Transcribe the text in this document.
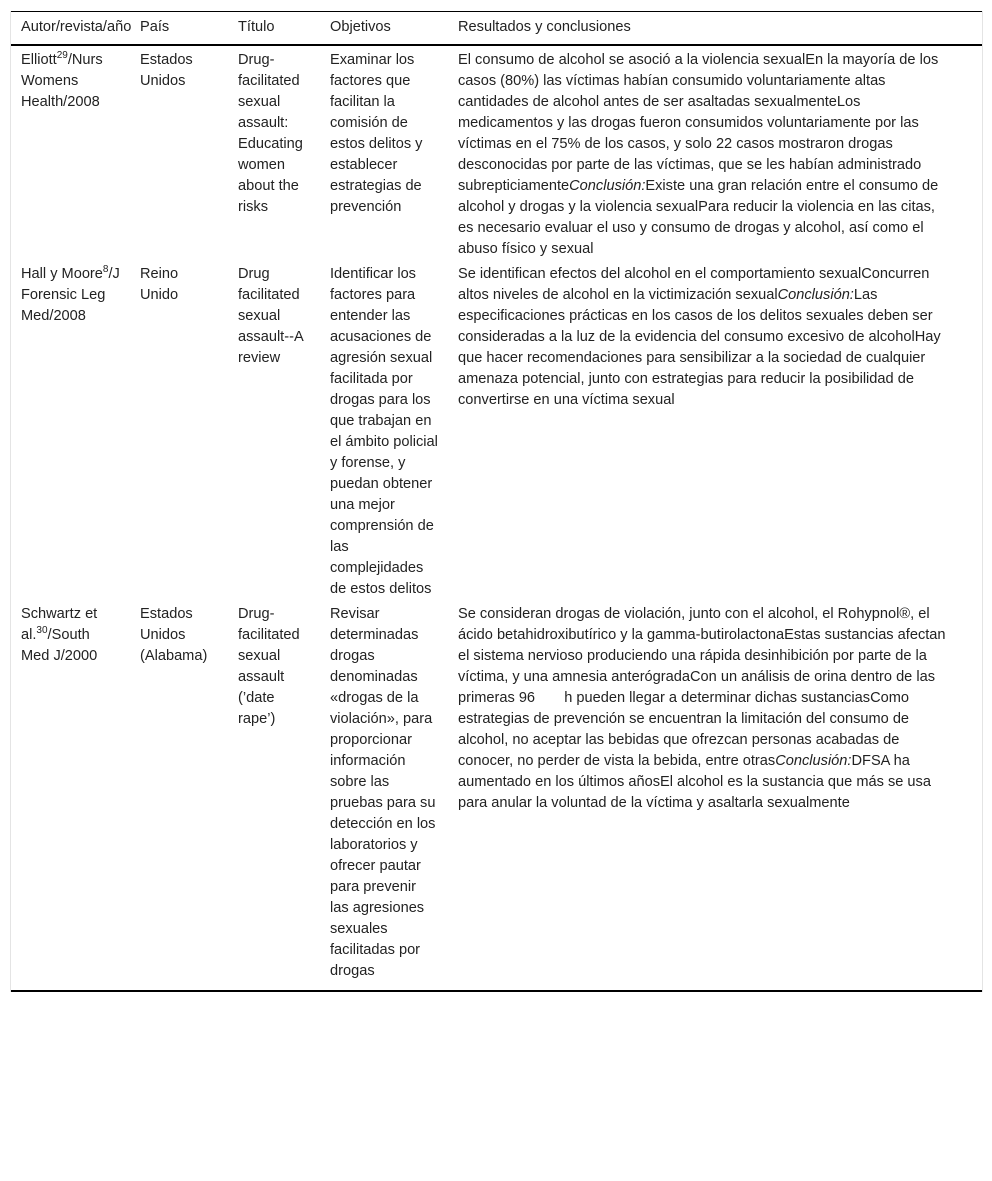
Autor/revista/año	País	Título	Objetivos	Resultados y conclusiones
Elliott$^{29}$/Nurs Womens Health/2008	Estados Unidos	Drug-facilitated sexual assault: Educating women about the risks	Examinar los factores que facilitan la comisión de estos delitos y establecer estrategias de prevención	El consumo de alcohol se asoció a la violencia sexualEn la mayoría de los casos (80%) las víctimas habían consumido voluntariamente altas cantidades de alcohol antes de ser asaltadas sexualmenteLos medicamentos y las drogas fueron consumidos voluntariamente por las víctimas en el 75% de los casos, y solo 22 casos mostraron drogas desconocidas por parte de las víctimas, que se les habían administrado subrepticiamenteConclusión:Existe una gran relación entre el consumo de alcohol y drogas y la violencia sexualPara reducir la violencia en las citas, es necesario evaluar el uso y consumo de drogas y alcohol, así como el abuso físico y sexual
Hall y Moore$^8$/J Forensic Leg Med/2008	Reino Unido	Drug facilitated sexual assault--A review	Identificar los factores para entender las acusaciones de agresión sexual facilitada por drogas para los que trabajan en el ámbito policial y forense, y puedan obtener una mejor comprensión de las complejidades de estos delitos	Se identifican efectos del alcohol en el comportamiento sexualConcurren altos niveles de alcohol en la victimización sexualConclusión:Las especificaciones prácticas en los casos de los delitos sexuales deben ser consideradas a la luz de la evidencia del consumo excesivo de alcoholHay que hacer recomendaciones para sensibilizar a la sociedad de cualquier amenaza potencial, junto con estrategias para reducir la posibilidad de convertirse en una víctima sexual
Schwartz et al.$^{30}$/South Med J/2000	Estados Unidos (Alabama)	Drug-facilitated sexual assault (’date rape’)	Revisar determinadas drogas denominadas «drogas de la violación», para proporcionar información sobre las pruebas para su detección en los laboratorios y ofrecer pautar para prevenir las agresiones sexuales facilitadas por drogas	Se consideran drogas de violación, junto con el alcohol, el Rohypnol®, el ácido betahidroxibutírico y la gamma-butirolactonaEstas sustancias afectan el sistema nervioso produciendo una rápida desinhibición por parte de la víctima, y una amnesia anterógradaCon un análisis de orina dentro de las primeras 96  h pueden llegar a determinar dichas sustanciasComo estrategias de prevención se encuentran la limitación del consumo de alcohol, no aceptar las bebidas que ofrezcan personas acabadas de conocer, no perder de vista la bebida, entre otrasConclusión:DFSA ha aumentado en los últimos añosEl alcohol es la sustancia que más se usa para anular la voluntad de la víctima y asaltarla sexualmente
